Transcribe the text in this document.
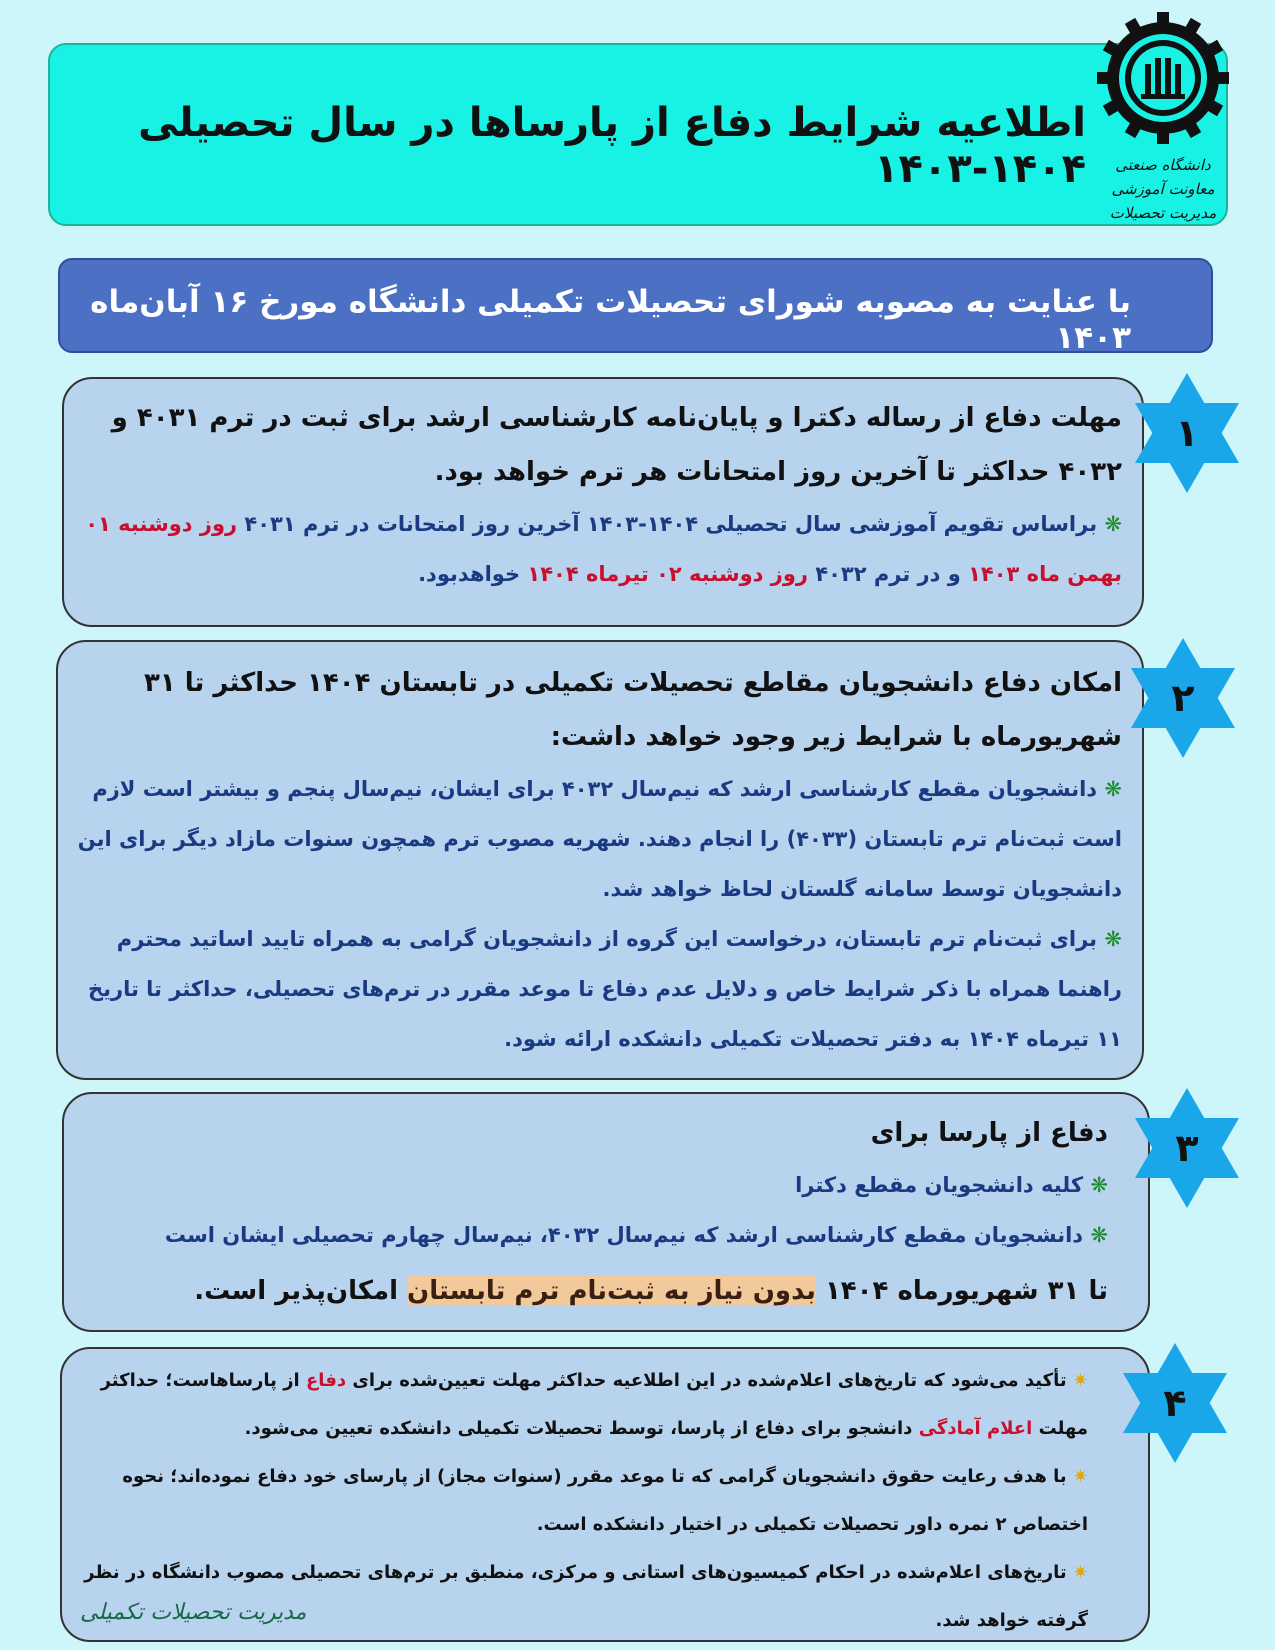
اطلاعیه شرایط دفاع از پارساها در سال تحصیلی ۱۴۰۴-۱۴۰۳	دانشگاه صنعتی
معاونت آموزشی
مدیریت تحصیلات
با عنایت به مصوبه شورای تحصیلات تکمیلی دانشگاه مورخ ۱۶ آبان‌ماه ۱۴۰۳
مهلت دفاع از رساله دکترا و پایان‌نامه کارشناسی ارشد برای ثبت در ترم ۴۰۳۱ و ۴۰۳۲ حداکثر تا آخرین روز امتحانات هر ترم خواهد بود.
❋ براساس تقویم آموزشی سال تحصیلی ۱۴۰۴-۱۴۰۳ آخرین روز امتحانات در ترم ۴۰۳۱ روز دوشنبه ۰۱ بهمن ماه ۱۴۰۳ و در ترم ۴۰۳۲ روز دوشنبه ۰۲ تیرماه ۱۴۰۴ خواهدبود.
۱
امکان دفاع دانشجویان مقاطع تحصیلات تکمیلی در تابستان ۱۴۰۴ حداکثر تا ۳۱ شهریورماه با شرایط زیر وجود خواهد داشت:
❋ دانشجویان مقطع کارشناسی ارشد که نیم‌سال ۴۰۳۲ برای ایشان، نیم‌سال پنجم و بیشتر است لازم است ثبت‌نام ترم تابستان (۴۰۳۳) را انجام دهند. شهریه مصوب ترم همچون سنوات مازاد دیگر برای این دانشجویان توسط سامانه گلستان لحاظ خواهد شد.
❋ برای ثبت‌نام ترم تابستان، درخواست این گروه از دانشجویان گرامی به همراه تایید اساتید محترم راهنما همراه با ذکر شرایط خاص و دلایل عدم دفاع تا موعد مقرر در ترم‌های تحصیلی، حداکثر تا تاریخ ۱۱ تیرماه ۱۴۰۴ به دفتر تحصیلات تکمیلی دانشکده ارائه شود.
۲
دفاع از پارسا برای
❋ کلیه دانشجویان مقطع دکترا
❋ دانشجویان مقطع کارشناسی ارشد که نیم‌سال ۴۰۳۲، نیم‌سال چهارم تحصیلی ایشان است
تا ۳۱ شهریورماه ۱۴۰۴ بدون نیاز به ثبت‌نام ترم تابستان امکان‌پذیر است.
۳
✷ تأکید می‌شود که تاریخ‌های اعلام‌شده در این اطلاعیه حداکثر مهلت تعیین‌شده برای دفاع از پارساهاست؛ حداکثر مهلت اعلام آمادگی دانشجو برای دفاع از پارسا، توسط تحصیلات تکمیلی دانشکده تعیین می‌شود.
✷ با هدف رعایت حقوق دانشجویان گرامی که تا موعد مقرر (سنوات مجاز) از پارسای خود دفاع نموده‌اند؛ نحوه اختصاص ۲ نمره داور تحصیلات تکمیلی در اختیار دانشکده است.
✷ تاریخ‌های اعلام‌شده در احکام کمیسیون‌های استانی و مرکزی، منطبق بر ترم‌های تحصیلی مصوب دانشگاه در نظر گرفته خواهد شد.
۴
مدیریت تحصیلات تکمیلی
